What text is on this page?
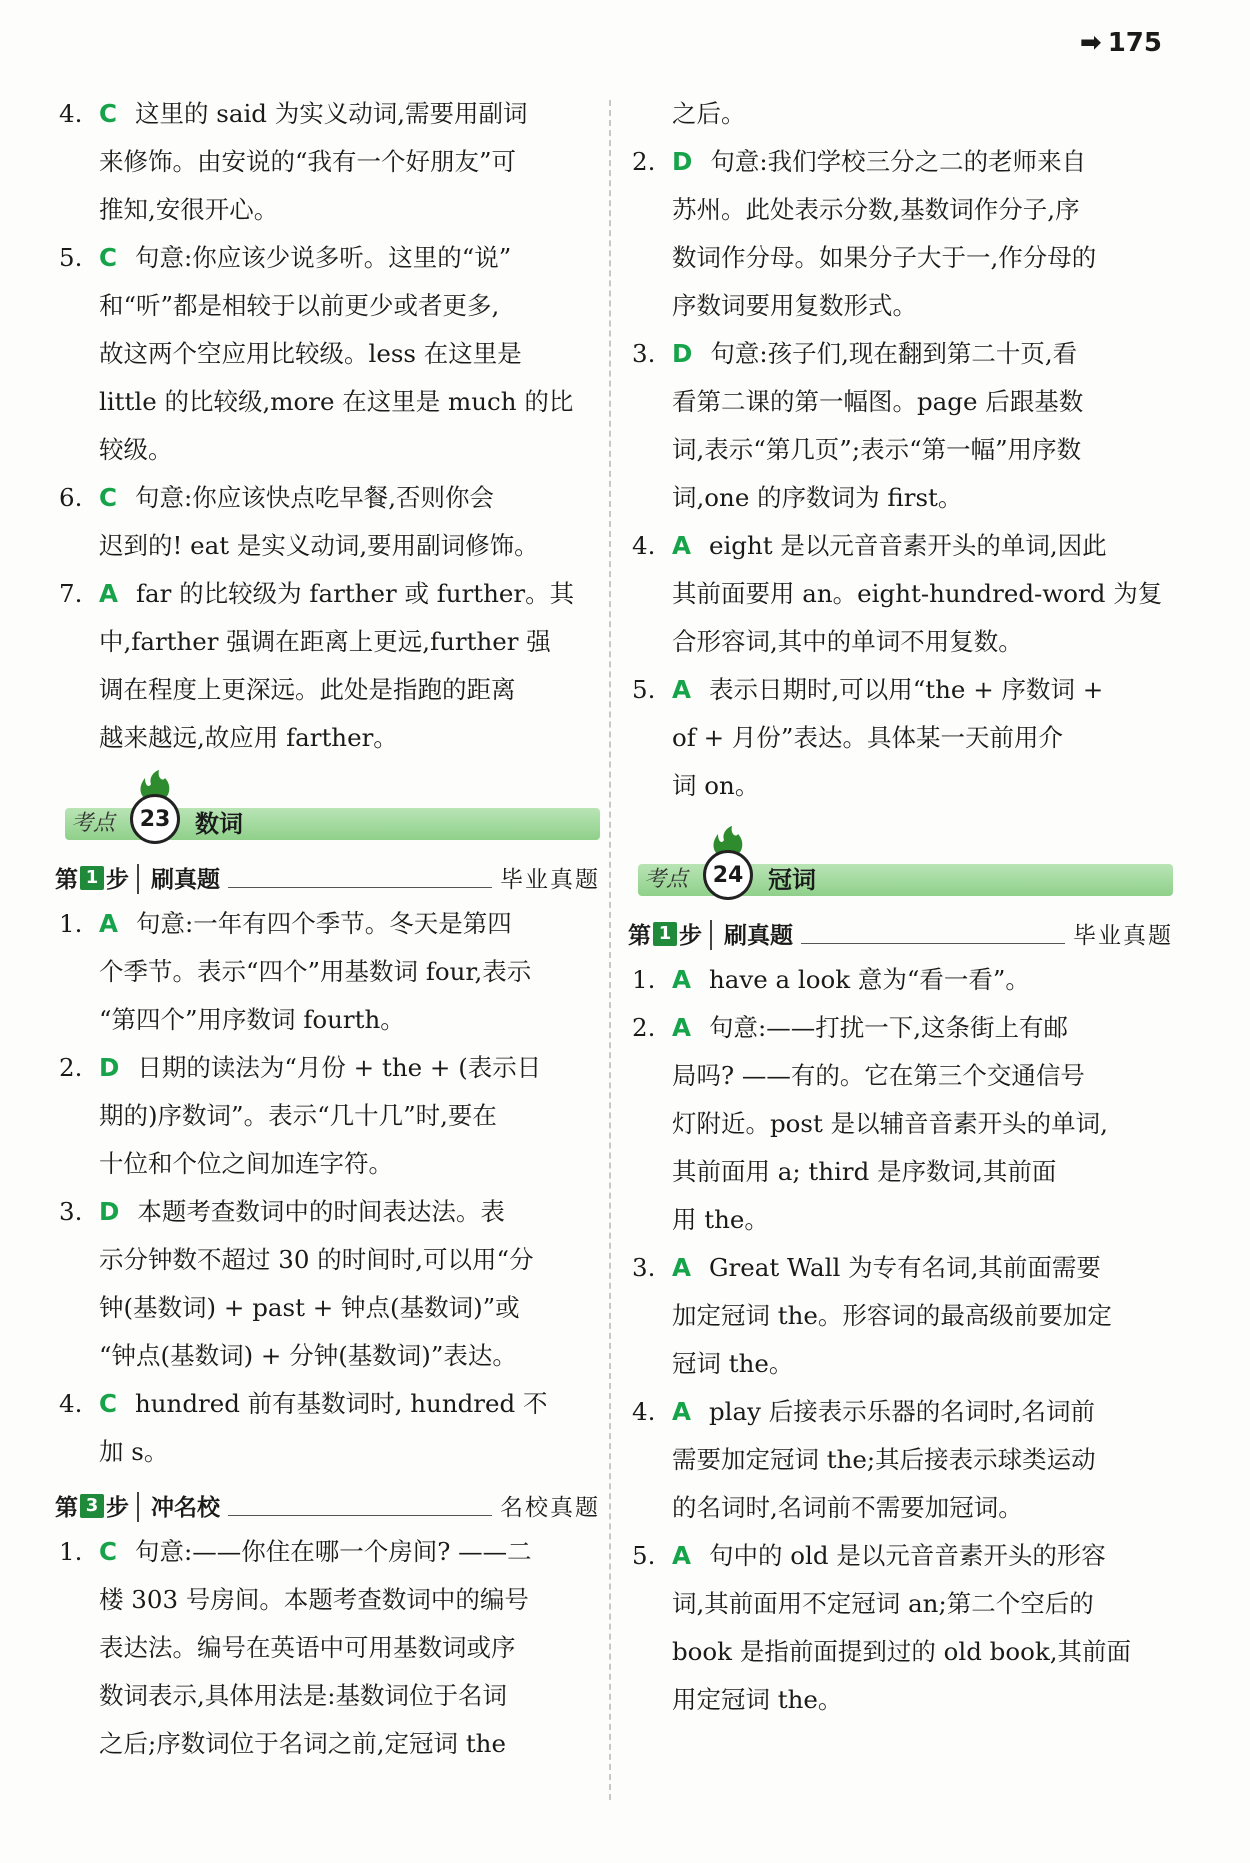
➡ 175

4. C 这里的 said 为实义动词,需要用副词

来修饰。由安说的“我有一个好朋友”可

推知,安很开心。

5. C 句意:你应该少说多听。这里的“说”

和“听”都是相较于以前更少或者更多,

故这两个空应用比较级。less 在这里是

little 的比较级,more 在这里是 much 的比

较级。

6. C 句意:你应该快点吃早餐,否则你会

迟到的! eat 是实义动词,要用副词修饰。

7. A far 的比较级为 farther 或 further。其

中,farther 强调在距离上更远,further 强

调在程度上更深远。此处是指跑的距离

越来越远,故应用 farther。

考点	23	数词
第 1 步 刷真题	毕业真题

1. A 句意:一年有四个季节。冬天是第四

个季节。表示“四个”用基数词 four,表示

“第四个”用序数词 fourth。

2. D 日期的读法为“月份 + the + (表示日

期的)序数词”。表示“几十几”时,要在

十位和个位之间加连字符。

3. D 本题考查数词中的时间表达法。表

示分钟数不超过 30 的时间时,可以用“分

钟(基数词) + past + 钟点(基数词)”或

“钟点(基数词) + 分钟(基数词)”表达。

4. C hundred 前有基数词时, hundred 不

加 s。

第 3 步 冲名校	名校真题

1. C 句意:——你住在哪一个房间? ——二

楼 303 号房间。本题考查数词中的编号

表达法。编号在英语中可用基数词或序

数词表示,具体用法是:基数词位于名词

之后;序数词位于名词之前,定冠词 the

之后。

2. D 句意:我们学校三分之二的老师来自

苏州。此处表示分数,基数词作分子,序

数词作分母。如果分子大于一,作分母的

序数词要用复数形式。

3. D 句意:孩子们,现在翻到第二十页,看

看第二课的第一幅图。page 后跟基数

词,表示“第几页”;表示“第一幅”用序数

词,one 的序数词为 first。

4. A eight 是以元音音素开头的单词,因此

其前面要用 an。eight-hundred-word 为复

合形容词,其中的单词不用复数。

5. A 表示日期时,可以用“the + 序数词 +

of + 月份”表达。具体某一天前用介

词 on。

考点	24	冠词
第 1 步 刷真题	毕业真题

1. A have a look 意为“看一看”。

2. A 句意:——打扰一下,这条街上有邮

局吗? ——有的。它在第三个交通信号

灯附近。post 是以辅音音素开头的单词,

其前面用 a; third 是序数词,其前面

用 the。

3. A Great Wall 为专有名词,其前面需要

加定冠词 the。形容词的最高级前要加定

冠词 the。

4. A play 后接表示乐器的名词时,名词前

需要加定冠词 the;其后接表示球类运动

的名词时,名词前不需要加冠词。

5. A 句中的 old 是以元音音素开头的形容

词,其前面用不定冠词 an;第二个空后的

book 是指前面提到过的 old book,其前面

用定冠词 the。
